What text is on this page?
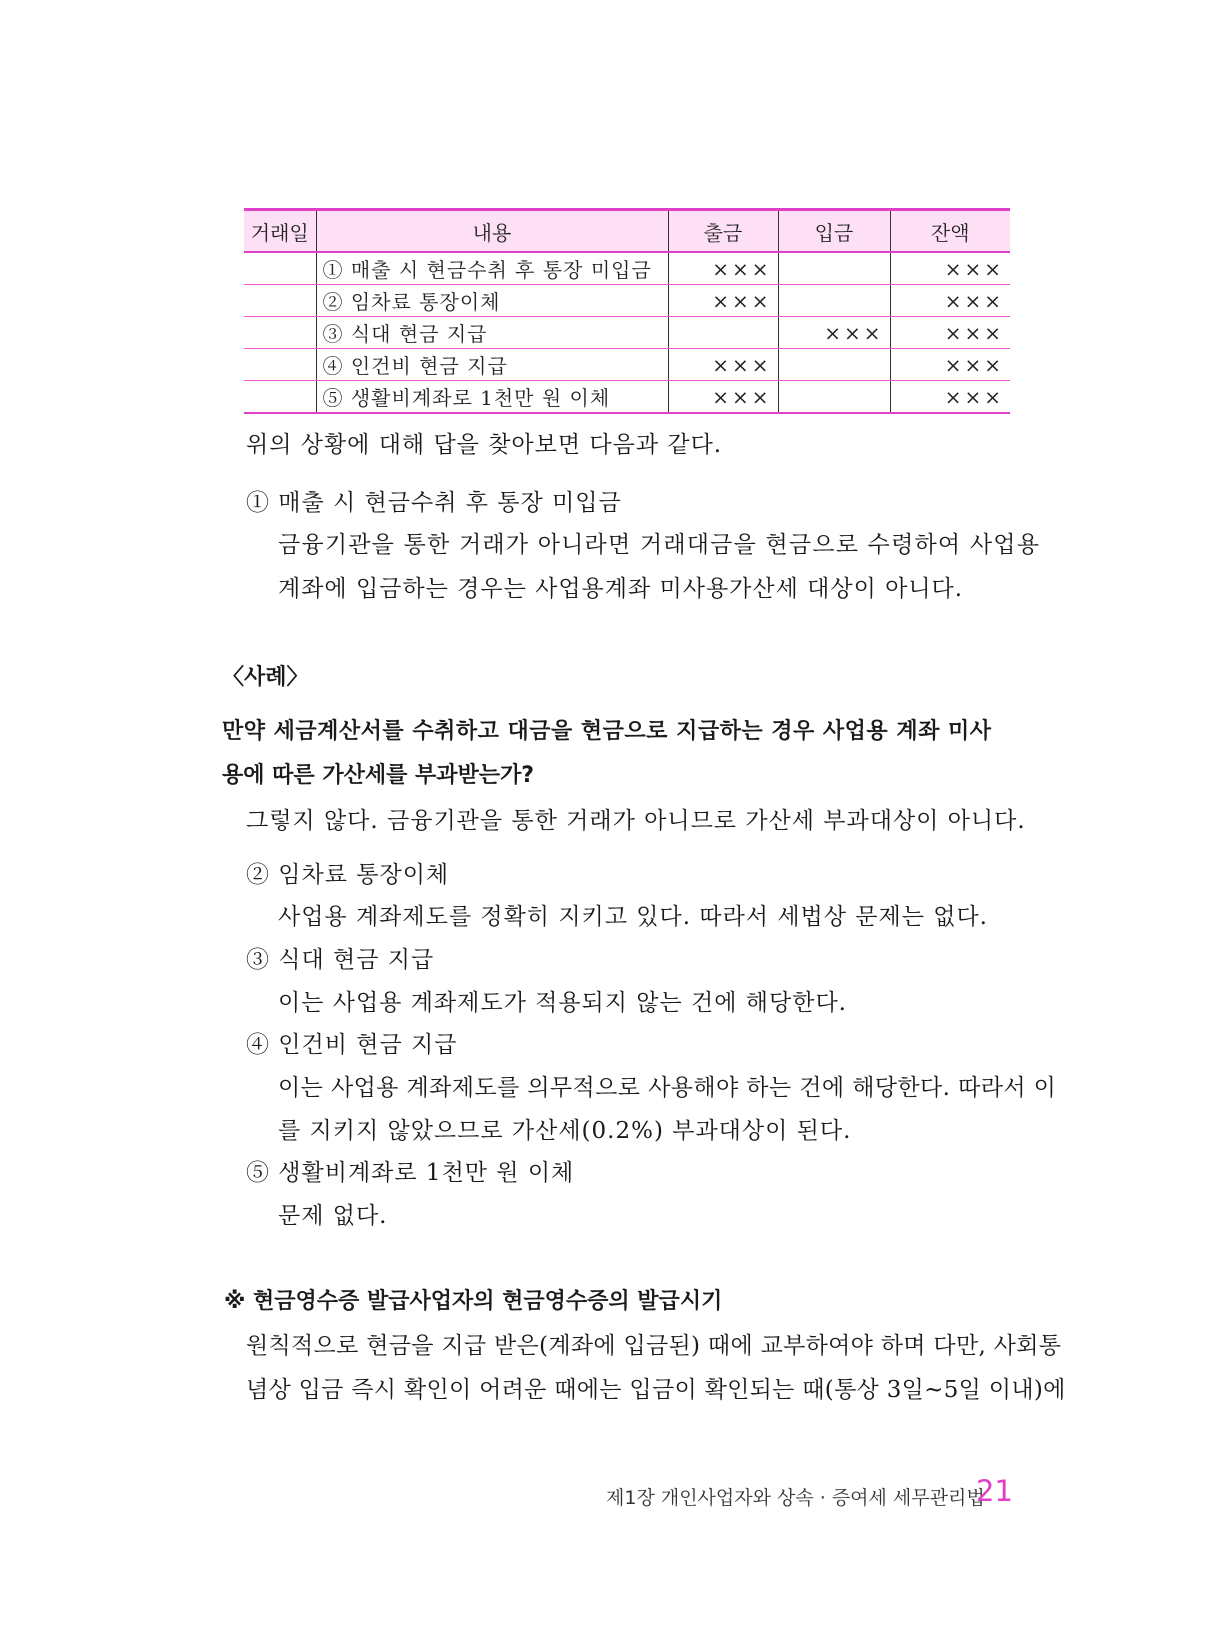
거래일	내용	출금	입금	잔액
	① 매출 시 현금수취 후 통장 미입금	×××		×××
	② 임차료 통장이체	×××		×××
	③ 식대 현금 지급		×××	×××
	④ 인건비 현금 지급	×××		×××
	⑤ 생활비계좌로 1천만 원 이체	×××		×××
위의 상황에 대해 답을 찾아보면 다음과 같다.
① 매출 시 현금수취 후 통장 미입금
금융기관을 통한 거래가 아니라면 거래대금을 현금으로 수령하여 사업용
계좌에 입금하는 경우는 사업용계좌 미사용가산세 대상이 아니다.
〈사례〉
만약 세금계산서를 수취하고 대금을 현금으로 지급하는 경우 사업용 계좌 미사
용에 따른 가산세를 부과받는가?
그렇지 않다. 금융기관을 통한 거래가 아니므로 가산세 부과대상이 아니다.
② 임차료 통장이체
사업용 계좌제도를 정확히 지키고 있다. 따라서 세법상 문제는 없다.
③ 식대 현금 지급
이는 사업용 계좌제도가 적용되지 않는 건에 해당한다.
④ 인건비 현금 지급
이는 사업용 계좌제도를 의무적으로 사용해야 하는 건에 해당한다. 따라서 이
를 지키지 않았으므로 가산세(0.2%) 부과대상이 된다.
⑤ 생활비계좌로 1천만 원 이체
문제 없다.
※ 현금영수증 발급사업자의 현금영수증의 발급시기
원칙적으로 현금을 지급 받은(계좌에 입금된) 때에 교부하여야 하며 다만, 사회통
념상 입금 즉시 확인이 어려운 때에는 입금이 확인되는 때(통상 3일~5일 이내)에
제1장 개인사업자와 상속 · 증여세 세무관리법
21
